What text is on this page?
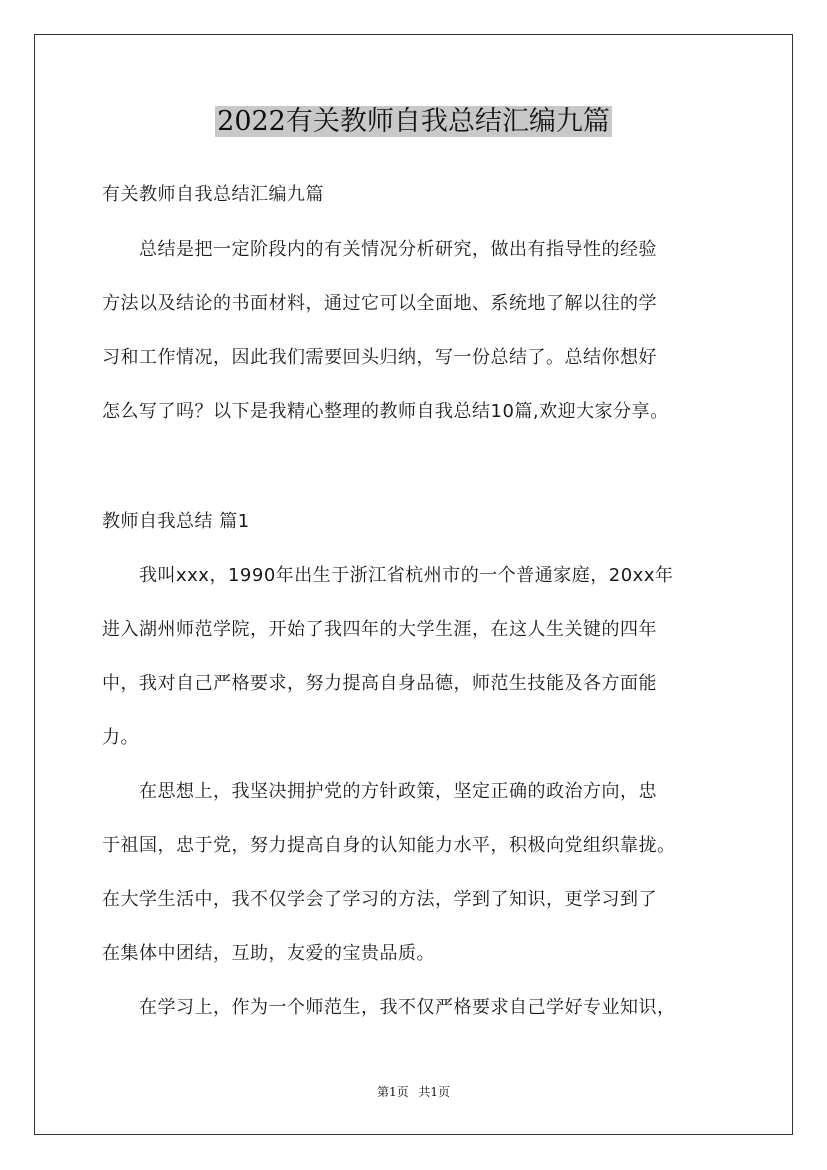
2022有关教师自我总结汇编九篇
有关教师自我总结汇编九篇
　　总结是把一定阶段内的有关情况分析研究，做出有指导性的经验
方法以及结论的书面材料，通过它可以全面地、系统地了解以往的学
习和工作情况，因此我们需要回头归纳，写一份总结了。总结你想好
怎么写了吗？以下是我精心整理的教师自我总结10篇,欢迎大家分享。
教师自我总结 篇1
　　我叫xxx，1990年出生于浙江省杭州市的一个普通家庭，20xx年
进入湖州师范学院，开始了我四年的大学生涯，在这人生关键的四年
中，我对自己严格要求，努力提高自身品德，师范生技能及各方面能
力。
　　在思想上，我坚决拥护党的方针政策，坚定正确的政治方向，忠
于祖国，忠于党，努力提高自身的认知能力水平，积极向党组织靠拢。
在大学生活中，我不仅学会了学习的方法，学到了知识，更学习到了
在集体中团结，互助，友爱的宝贵品质。
　　在学习上，作为一个师范生，我不仅严格要求自己学好专业知识，
第1页 共1页
